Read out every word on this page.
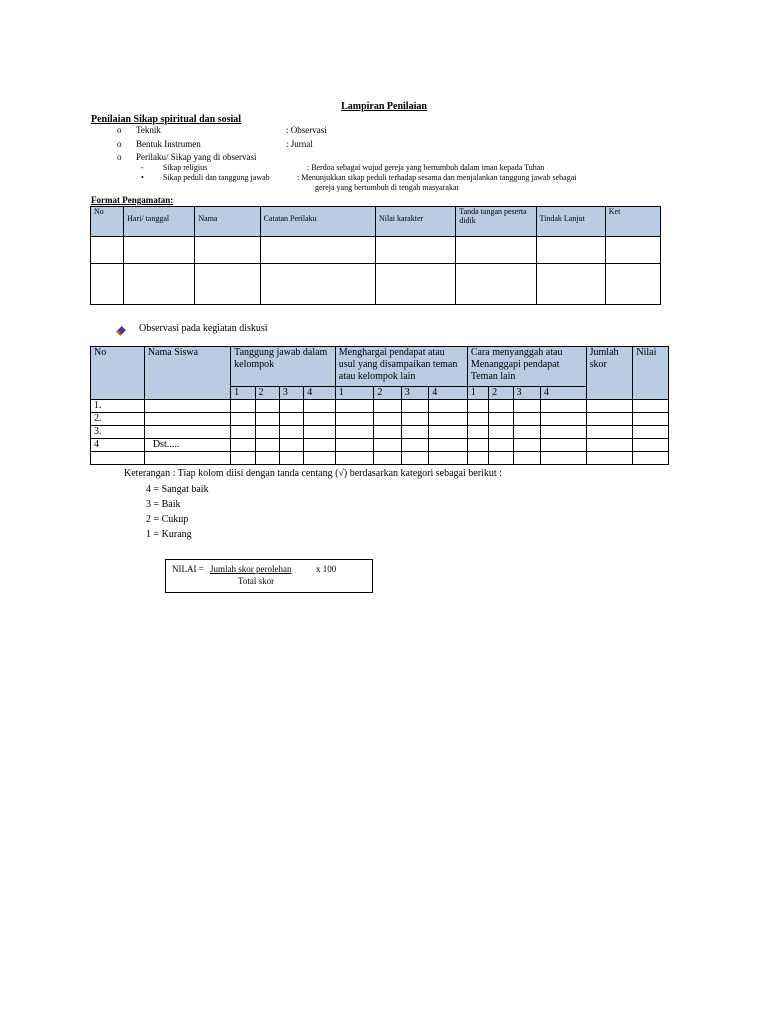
Lampiran Penilaian
Penilaian Sikap spiritual dan sosial
o Teknik	: Observasi
o Bentuk Instrumen	: Jurnal
o Perilaku/ Sikap yang di observasi
- Sikap religius	: Berdoa sebagai wujud gereja yang bertumbuh dalam iman kepada Tuhan
• Sikap peduli dan tanggung jawab	: Menunjukkan sikap peduli terhadap sesama dan menjalankan tanggung jawab sebagai
gereja yang bertumbuh di tengah masyarakat
Format Pengamatan:
No	Hari/ tanggal	Nama	Catatan Perilaku	Nilai karakter	Tanda tangan peserta didik	Tindak Lanjut	Ket

Observasi pada kegiatan diskusi
No	Nama Siswa	Tanggung jawab dalam kelompok				Menghargai pendapat atau usul yang disampaikan teman atau kelompok lain				Cara menyanggah atau Menanggapi pendapat Teman lain				Jumlah skor	Nilai
		1	2	3	4	1	2	3	4	1	2	3	4		
1.															
2.															
3.															
4	Dst.....														

Keterangan : Tiap kolom diisi dengan tanda centang (√) berdasarkan kategori sebagai berikut :
4 = Sangat baik
3 = Baik
2 = Cukup
1 = Kurang
NILAI = Jumlah skor perolehan	x 100
Total skor
